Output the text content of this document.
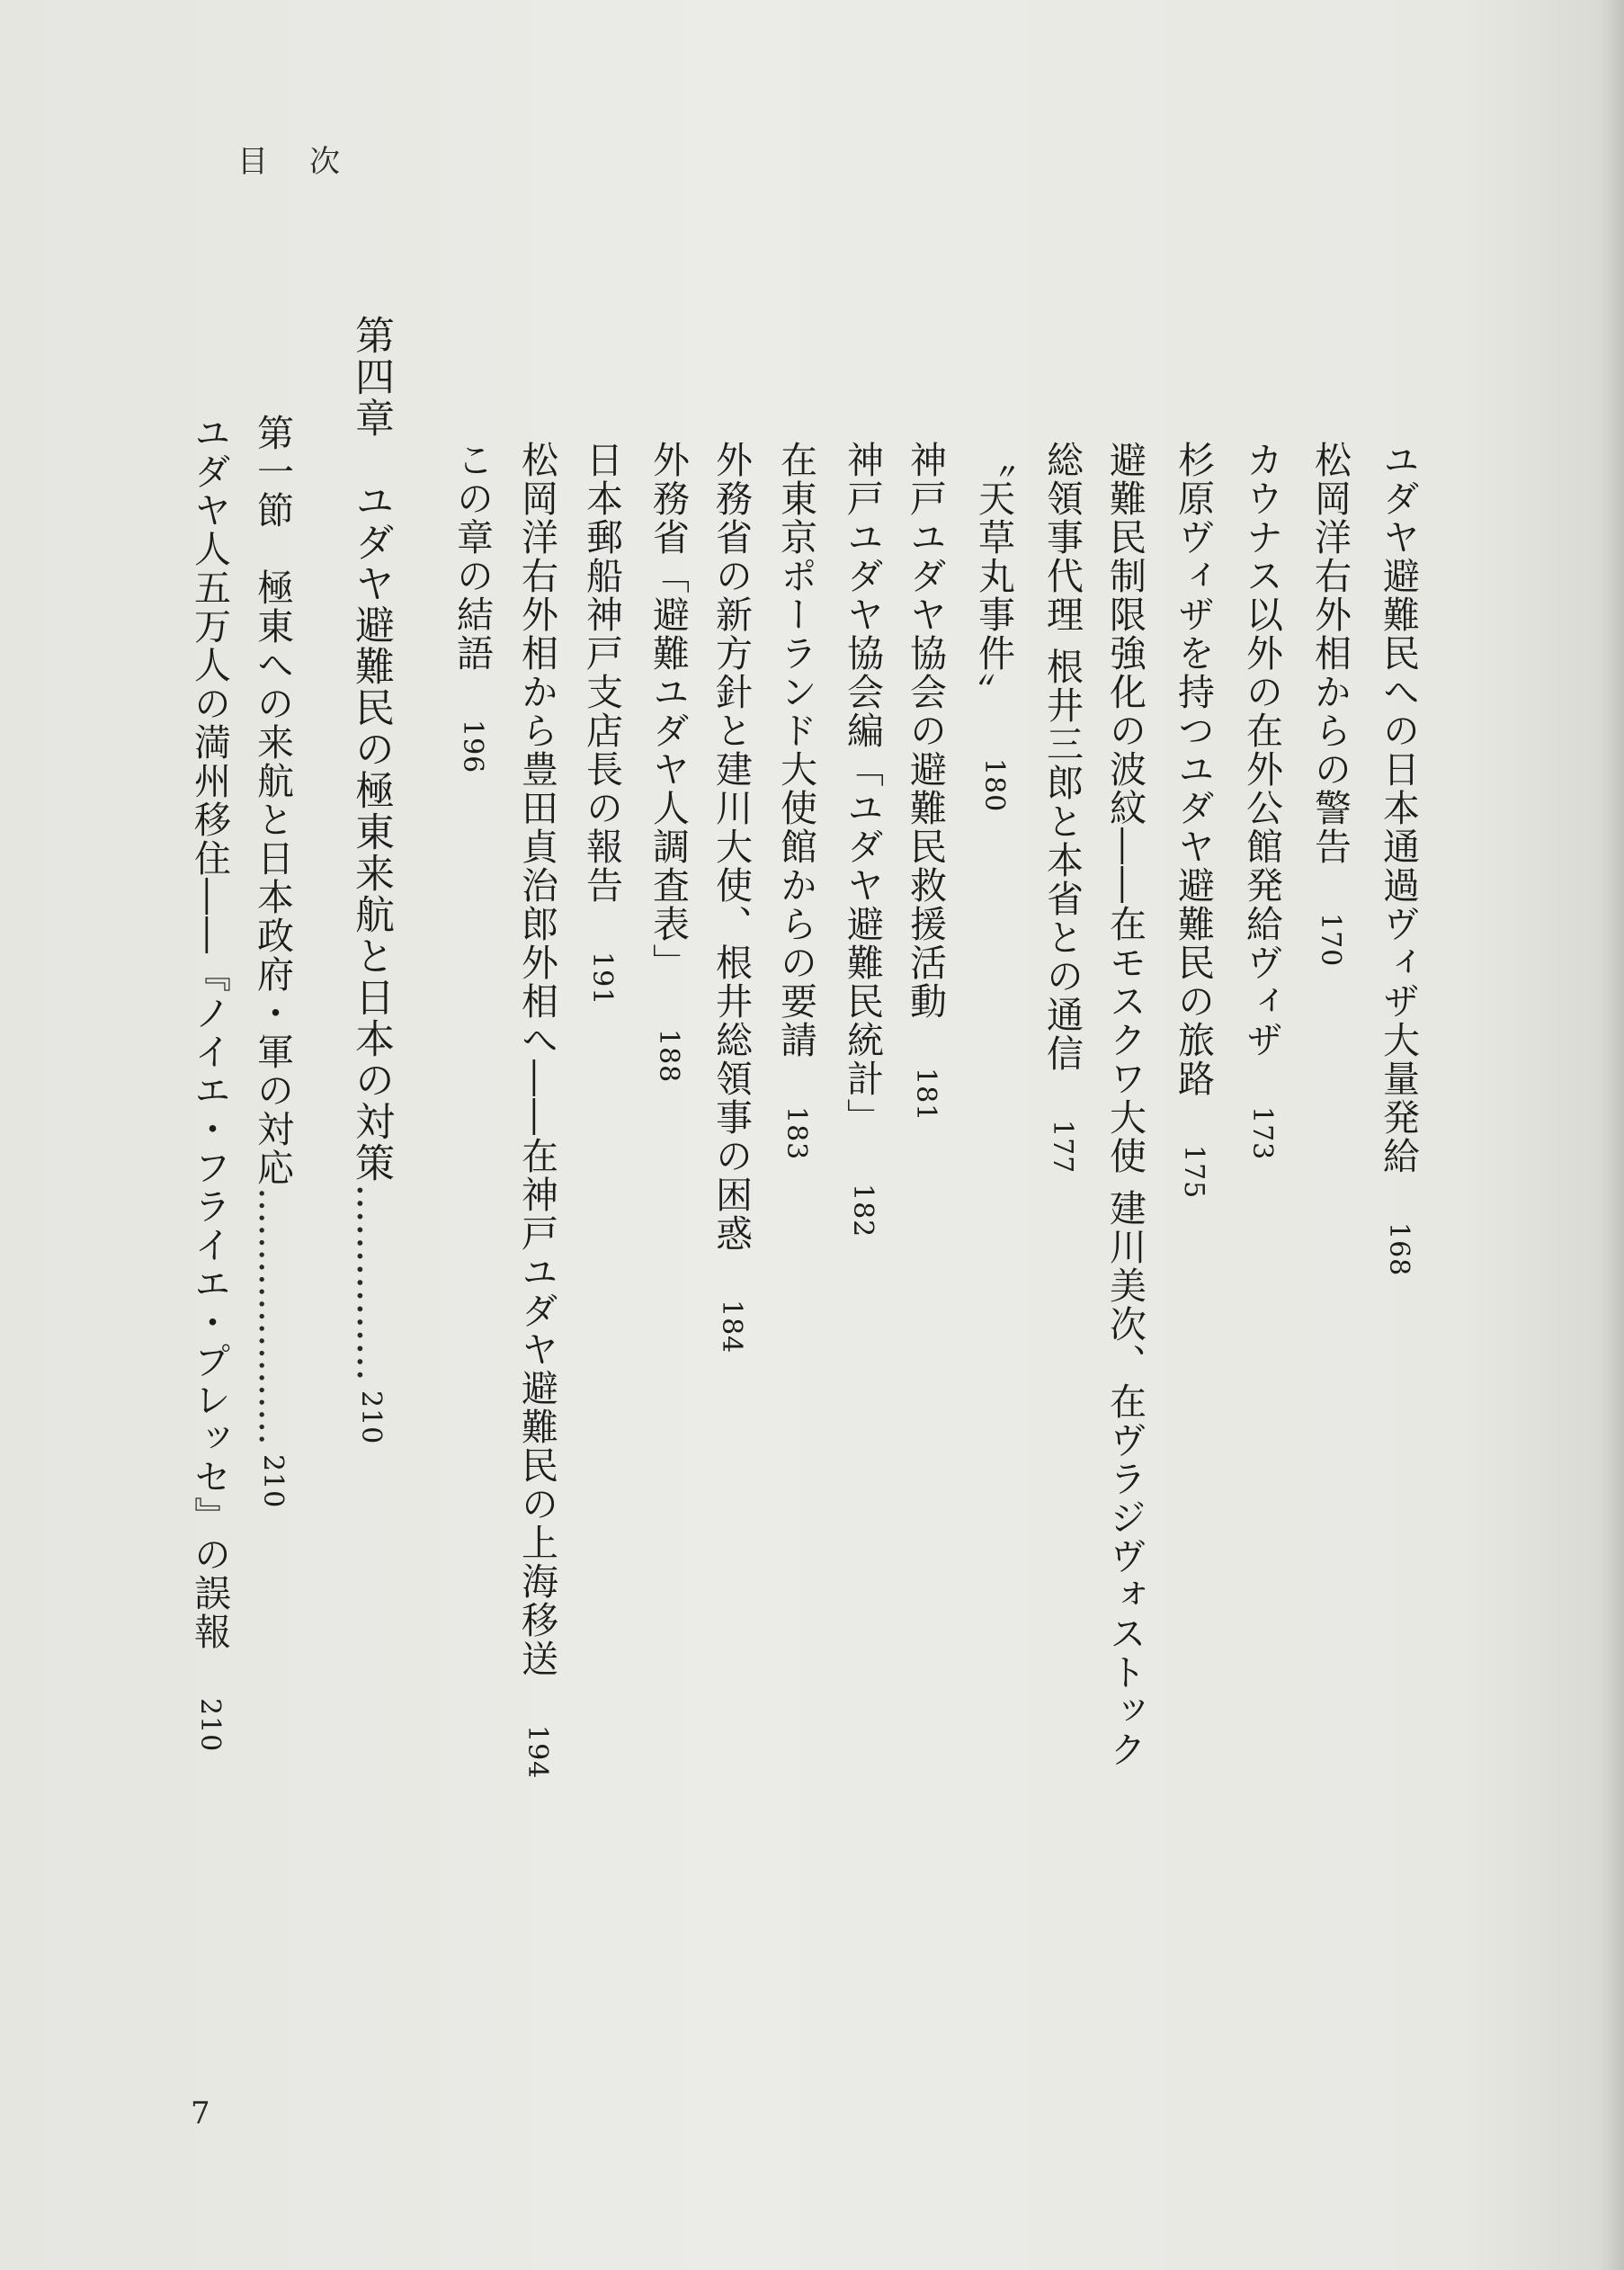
目次
ユダヤ避難民への日本通過ヴィザ大量発給168
松岡洋右外相からの警告170
カウナス以外の在外公館発給ヴィザ173
杉原ヴィザを持つユダヤ避難民の旅路175
避難民制限強化の波紋――在モスクワ大使 建川美次、在ヴラジヴォストック
総領事代理 根井三郎と本省との通信177
〝天草丸事件〟180
神戸ユダヤ協会の避難民救援活動181
神戸ユダヤ協会編「ユダヤ避難民統計」182
在東京ポーランド大使館からの要請183
外務省の新方針と建川大使、根井総領事の困惑184
外務省「避難ユダヤ人調査表」188
日本郵船神戸支店長の報告191
松岡洋右外相から豊田貞治郎外相へ――在神戸ユダヤ避難民の上海移送194
この章の結語196
第四章　ユダヤ避難民の極東来航と日本の対策……………210
第一節　極東への来航と日本政府・軍の対応…………………210
ユダヤ人五万人の満州移住――『ノイエ・フライエ・プレッセ』の誤報210
7
